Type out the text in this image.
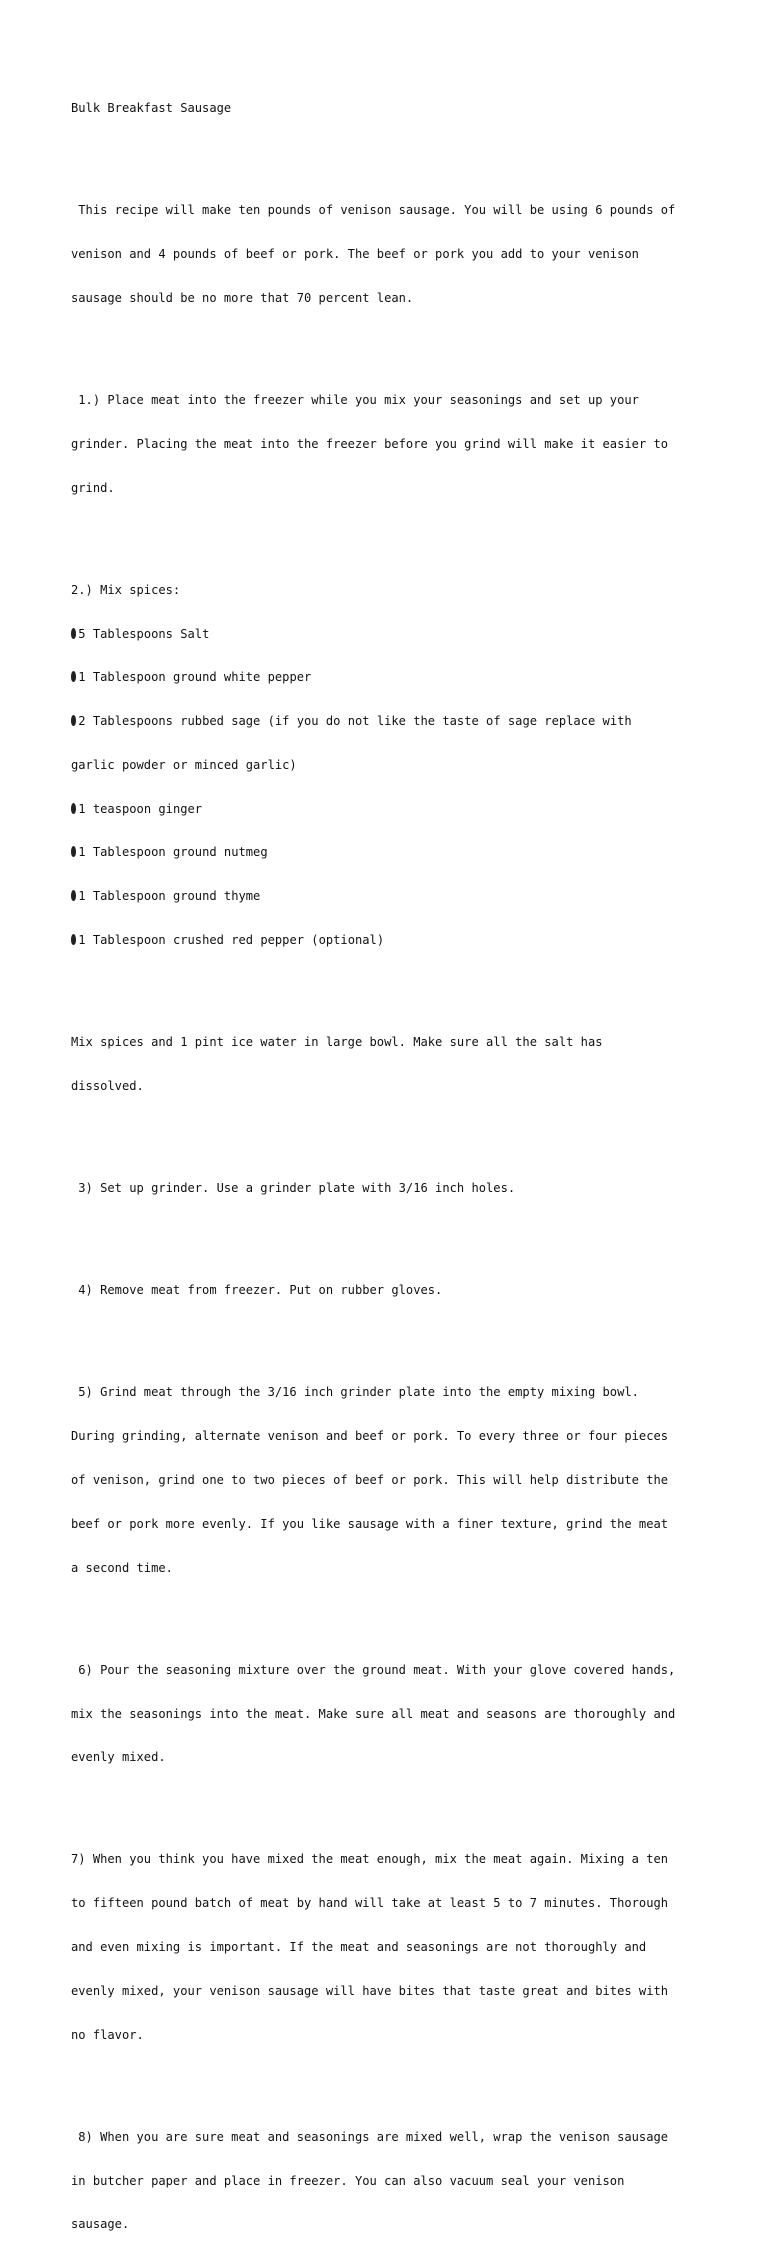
Bulk Breakfast Sausage

This recipe will make ten pounds of venison sausage. You will be using 6 pounds of

venison and 4 pounds of beef or pork. The beef or pork you add to your venison

sausage should be no more that 70 percent lean.

1.) Place meat into the freezer while you mix your seasonings and set up your

grinder. Placing the meat into the freezer before you grind will make it easier to

grind.

2.) Mix spices:

5 Tablespoons Salt

1 Tablespoon ground white pepper

2 Tablespoons rubbed sage (if you do not like the taste of sage replace with

garlic powder or minced garlic)

1 teaspoon ginger

1 Tablespoon ground nutmeg

1 Tablespoon ground thyme

1 Tablespoon crushed red pepper (optional)

Mix spices and 1 pint ice water in large bowl. Make sure all the salt has

dissolved.

3) Set up grinder. Use a grinder plate with 3/16 inch holes.

4) Remove meat from freezer. Put on rubber gloves.

5) Grind meat through the 3/16 inch grinder plate into the empty mixing bowl.

During grinding, alternate venison and beef or pork. To every three or four pieces

of venison, grind one to two pieces of beef or pork. This will help distribute the

beef or pork more evenly. If you like sausage with a finer texture, grind the meat

a second time.

6) Pour the seasoning mixture over the ground meat. With your glove covered hands,

mix the seasonings into the meat. Make sure all meat and seasons are thoroughly and

evenly mixed.

7) When you think you have mixed the meat enough, mix the meat again. Mixing a ten

to fifteen pound batch of meat by hand will take at least 5 to 7 minutes. Thorough

and even mixing is important. If the meat and seasonings are not thoroughly and

evenly mixed, your venison sausage will have bites that taste great and bites with

no flavor.

8) When you are sure meat and seasonings are mixed well, wrap the venison sausage

in butcher paper and place in freezer. You can also vacuum seal your venison

sausage.
